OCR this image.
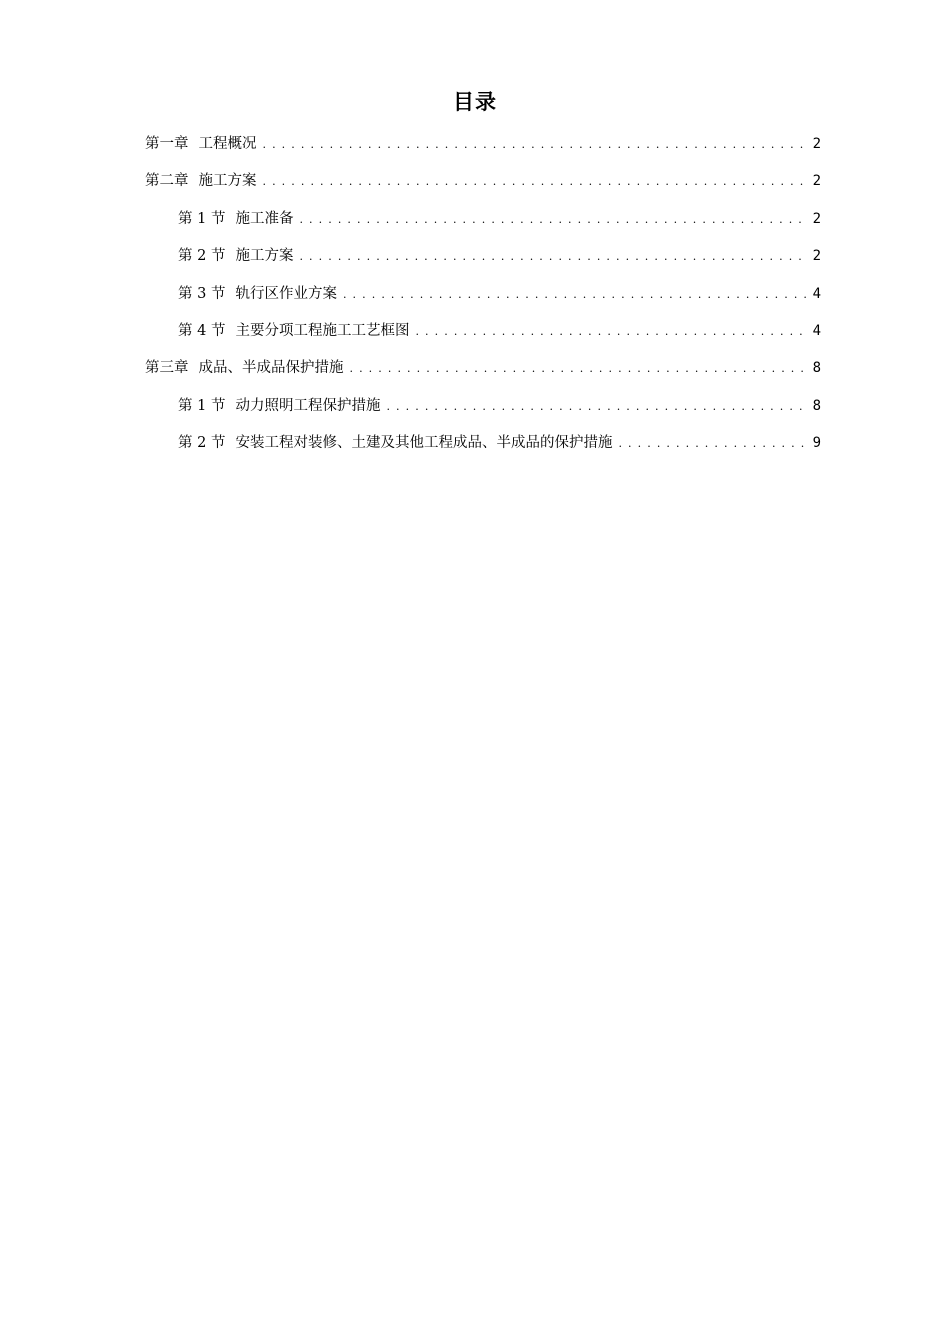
目录
第一章 工程概况 . . .	2
第二章 施工方案 . . .	2
第 1 节 施工准备 . . .	2
第 2 节 施工方案 . . .	2
第 3 节 轨行区作业方案 . . .	4
第 4 节 主要分项工程施工工艺框图 . . .	4
第三章 成品、半成品保护措施 . . .	8
第 1 节 动力照明工程保护措施 . . .	8
第 2 节 安装工程对装修、土建及其他工程成品、半成品的保护措施 . . .	9
